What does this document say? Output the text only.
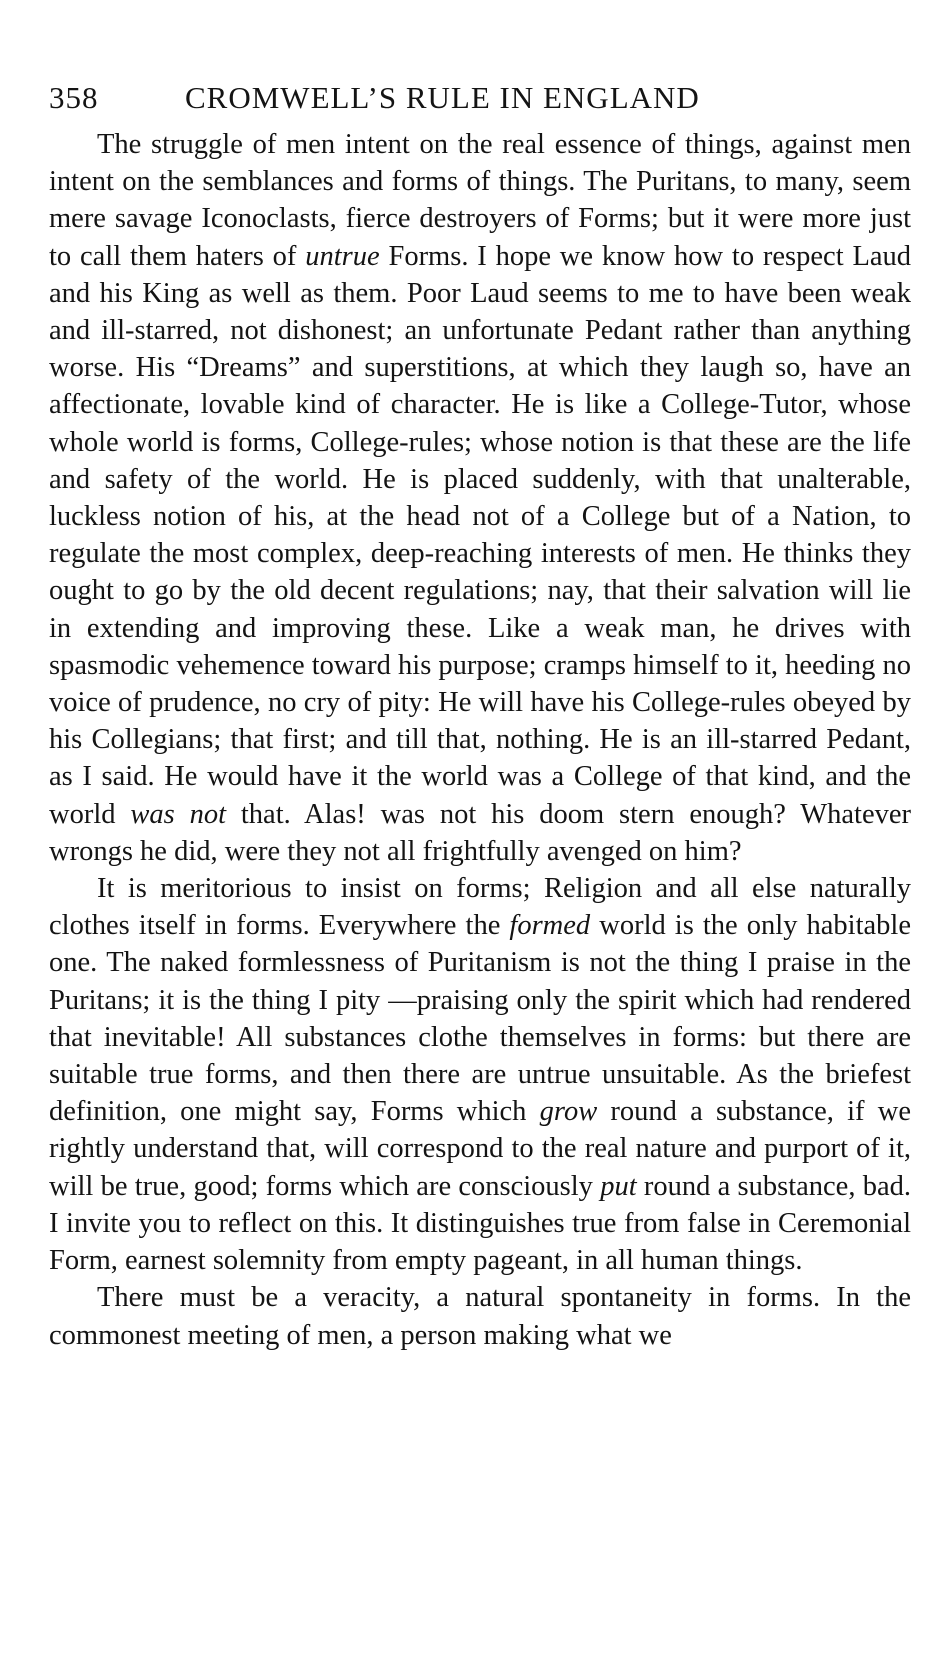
358	CROMWELL’S RULE IN ENGLAND

The struggle of men intent on the real essence of things, against men intent on the semblances and forms of things. The Puritans, to many, seem mere savage Iconoclasts, fierce destroyers of Forms; but it were more just to call them haters of untrue Forms. I hope we know how to respect Laud and his King as well as them. Poor Laud seems to me to have been weak and ill-starred, not dishonest; an unfortunate Pedant rather than anything worse. His “Dreams” and superstitions, at which they laugh so, have an affectionate, lovable kind of character. He is like a College-Tutor, whose whole world is forms, College-rules; whose notion is that these are the life and safety of the world. He is placed suddenly, with that unalterable, luckless notion of his, at the head not of a College but of a Nation, to regulate the most complex, deep-reaching interests of men. He thinks they ought to go by the old decent regulations; nay, that their salvation will lie in extending and improving these. Like a weak man, he drives with spasmodic vehemence toward his purpose; cramps himself to it, heeding no voice of prudence, no cry of pity: He will have his College-rules obeyed by his Collegians; that first; and till that, nothing. He is an ill-starred Pedant, as I said. He would have it the world was a College of that kind, and the world was not that. Alas! was not his doom stern enough? Whatever wrongs he did, were they not all frightfully avenged on him?

It is meritorious to insist on forms; Religion and all else naturally clothes itself in forms. Everywhere the formed world is the only habitable one. The naked formlessness of Puritanism is not the thing I praise in the Puritans; it is the thing I pity —praising only the spirit which had rendered that inevitable! All substances clothe themselves in forms: but there are suitable true forms, and then there are untrue unsuitable. As the briefest definition, one might say, Forms which grow round a substance, if we rightly understand that, will correspond to the real nature and purport of it, will be true, good; forms which are consciously put round a substance, bad. I invite you to reflect on this. It distinguishes true from false in Ceremonial Form, earnest solemnity from empty pageant, in all human things.

There must be a veracity, a natural spontaneity in forms. In the commonest meeting of men, a person making what we
